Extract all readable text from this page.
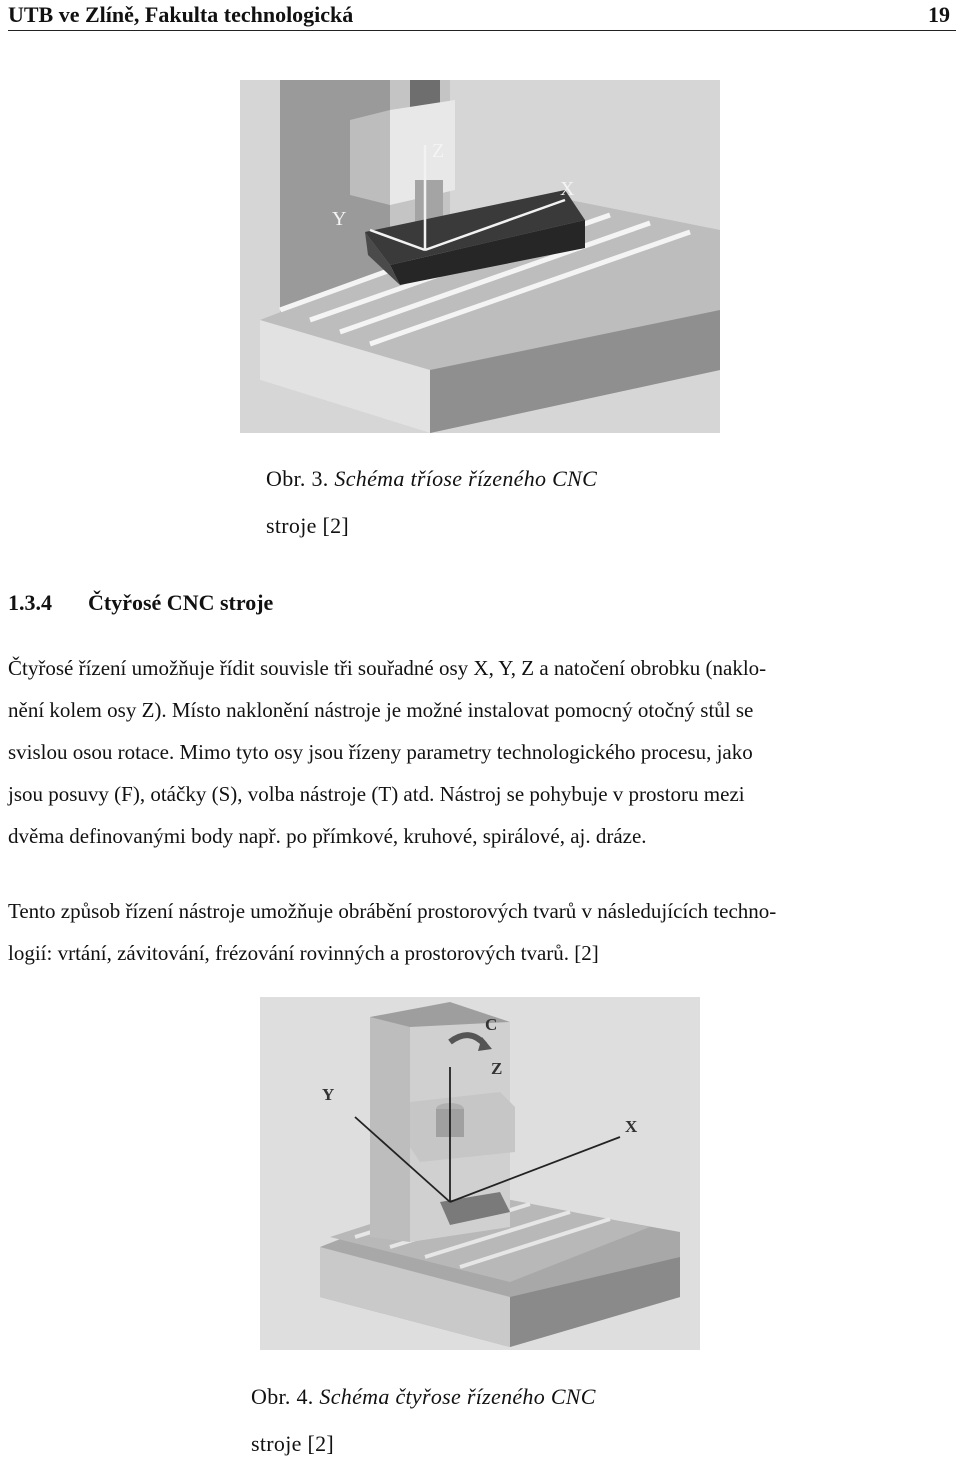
UTB ve Zlíně, Fakulta technologická	19
Z
X
Y
Obr. 3. Schéma tříose řízeného CNC
stroje [2]
1.3.4 Čtyřosé CNC stroje
Čtyřosé řízení umožňuje řídit souvisle tři souřadné osy X, Y, Z a natočení obrobku (naklo-
nění kolem osy Z). Místo naklonění nástroje je možné instalovat pomocný otočný stůl se
svislou osou rotace. Mimo tyto osy jsou řízeny parametry technologického procesu, jako
jsou posuvy (F), otáčky (S), volba nástroje (T) atd. Nástroj se pohybuje v prostoru mezi
dvěma definovanými body např. po přímkové, kruhové, spirálové, aj. dráze.
Tento způsob řízení nástroje umožňuje obrábění prostorových tvarů v následujících techno-
logií: vrtání, závitování, frézování rovinných a prostorových tvarů. [2]
C
Z
Y
X
Obr. 4. Schéma čtyřose řízeného CNC
stroje [2]
